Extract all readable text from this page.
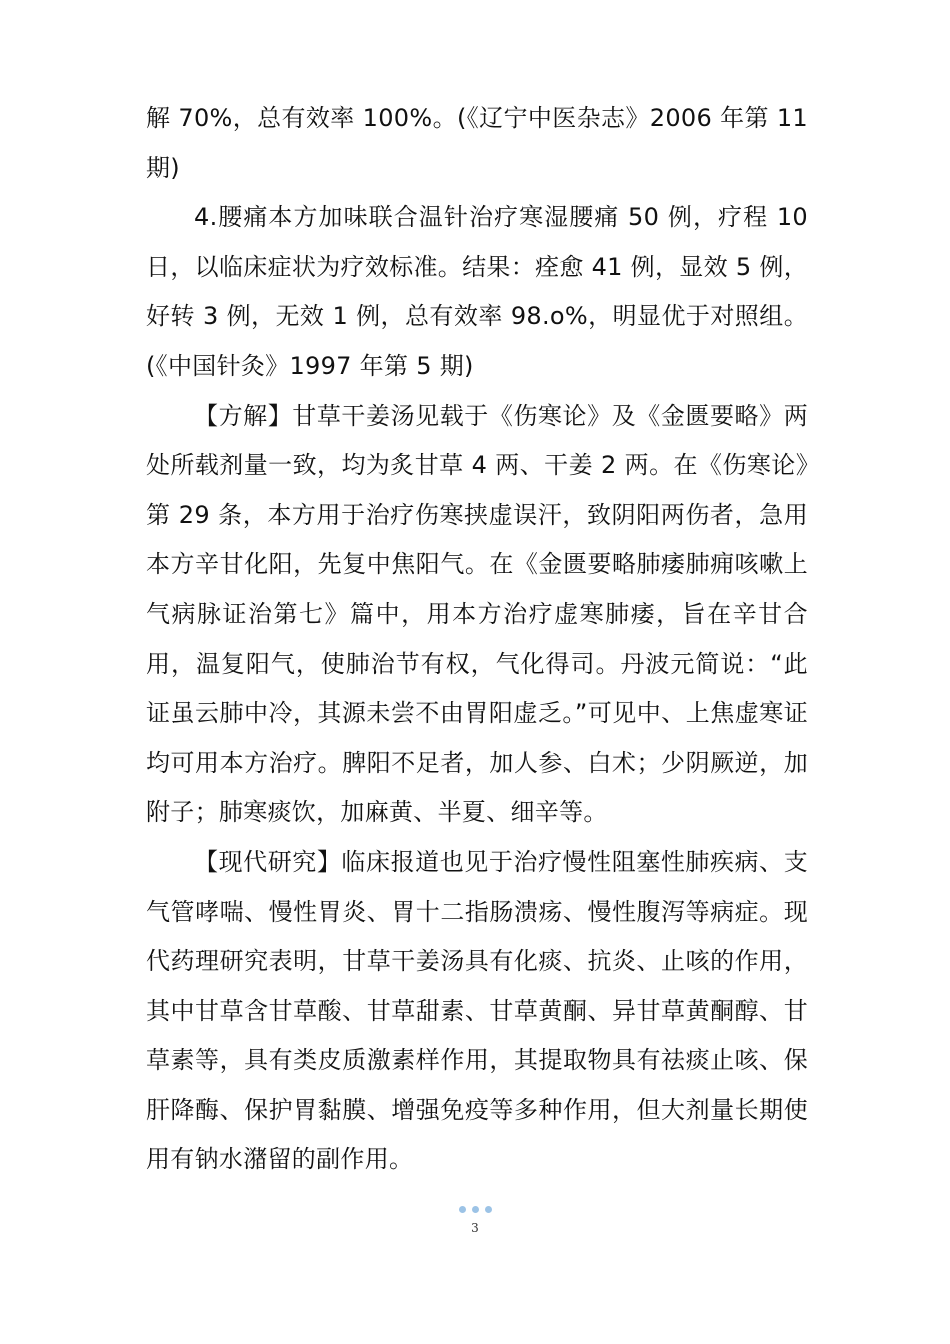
解 70%，总有效率 100%。(《辽宁中医杂志》2006 年第 11 期)

4.腰痛本方加味联合温针治疗寒湿腰痛 50 例，疗程 10 日，以临床症状为疗效标准。结果：痊愈 41 例，显效 5 例，好转 3 例，无效 1 例，总有效率 98.o%，明显优于对照组。(《中国针灸》1997 年第 5 期)

【方解】甘草干姜汤见载于《伤寒论》及《金匮要略》两处所载剂量一致，均为炙甘草 4 两、干姜 2 两。在《伤寒论》第 29 条，本方用于治疗伤寒挟虚误汗，致阴阳两伤者，急用本方辛甘化阳，先复中焦阳气。在《金匮要略肺痿肺痈咳嗽上气病脉证治第七》篇中，用本方治疗虚寒肺痿，旨在辛甘合用，温复阳气，使肺治节有权，气化得司。丹波元简说：“此证虽云肺中冷，其源未尝不由胃阳虚乏。”可见中、上焦虚寒证均可用本方治疗。脾阳不足者，加人参、白术；少阴厥逆，加附子；肺寒痰饮，加麻黄、半夏、细辛等。

【现代研究】临床报道也见于治疗慢性阻塞性肺疾病、支气管哮喘、慢性胃炎、胃十二指肠溃疡、慢性腹泻等病症。现代药理研究表明，甘草干姜汤具有化痰、抗炎、止咳的作用，其中甘草含甘草酸、甘草甜素、甘草黄酮、异甘草黄酮醇、甘草素等，具有类皮质激素样作用，其提取物具有祛痰止咳、保肝降酶、保护胃黏膜、增强免疫等多种作用，但大剂量长期使用有钠水潴留的副作用。

3
